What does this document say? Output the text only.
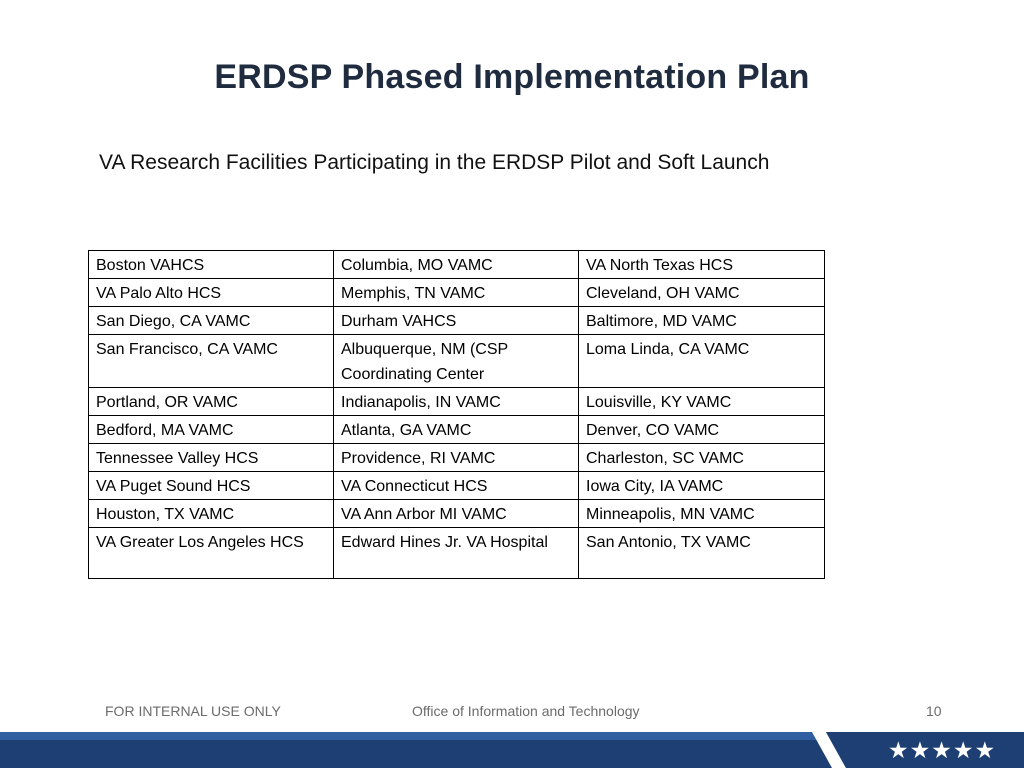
ERDSP Phased Implementation Plan
VA Research Facilities Participating in the ERDSP Pilot and Soft Launch
Boston VAHCS	Columbia, MO VAMC	VA North Texas HCS
VA Palo Alto HCS	Memphis, TN VAMC	Cleveland, OH VAMC
San Diego, CA VAMC	Durham VAHCS	Baltimore, MD VAMC
San Francisco, CA VAMC	Albuquerque, NM (CSP Coordinating Center	Loma Linda, CA VAMC
Portland, OR VAMC	Indianapolis, IN VAMC	Louisville, KY VAMC
Bedford, MA VAMC	Atlanta, GA VAMC	Denver, CO VAMC
Tennessee Valley HCS	Providence, RI VAMC	Charleston, SC VAMC
VA Puget Sound HCS	VA Connecticut HCS	Iowa City, IA VAMC
Houston, TX VAMC	VA Ann Arbor MI VAMC	Minneapolis, MN VAMC
VA Greater Los Angeles HCS	Edward Hines Jr. VA Hospital	San Antonio, TX VAMC
FOR INTERNAL USE ONLY	Office of Information and Technology	10
★★★★★
